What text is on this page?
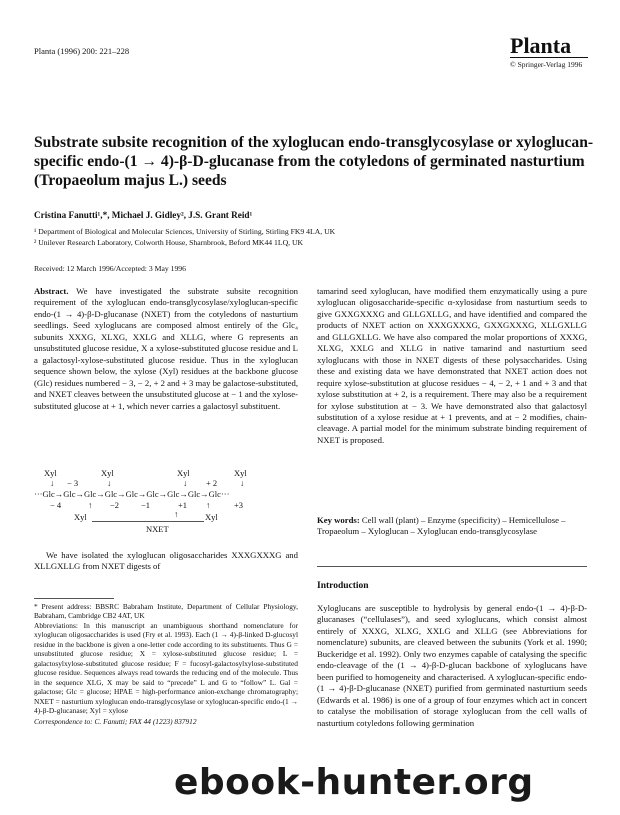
Planta (1996) 200: 221–228	Planta
© Springer-Verlag 1996
Substrate subsite recognition of the xyloglucan endo-transglycosylase or xyloglucan-specific endo-(1 → 4)-β-D-glucanase from the cotyledons of germinated nasturtium (Tropaeolum majus L.) seeds
Cristina Fanutti¹,*, Michael J. Gidley², J.S. Grant Reid¹
¹ Department of Biological and Molecular Sciences, University of Stirling, Stirling FK9 4LA, UK
² Unilever Research Laboratory, Colworth House, Sharnbrook, Beford MK44 1LQ, UK
Received: 12 March 1996/Accepted: 3 May 1996

Abstract. We have investigated the substrate subsite recognition requirement of the xyloglucan endo-transglycosylase/xyloglucan-specific endo-(1 → 4)-β-D-glucanase (NXET) from the cotyledons of nasturtium seedlings. Seed xyloglucans are composed almost entirely of the Glc₄ subunits XXXG, XLXG, XXLG and XLLG, where G represents an unsubstituted glucose residue, X a xylose-substituted glucose residue and L a galactosyl-xylose-substituted glucose residue. Thus in the xyloglucan sequence shown below, the xylose (Xyl) residues at the backbone glucose (Glc) residues numbered − 3, − 2, + 2 and + 3 may be galactose-substituted, and NXET cleaves between the unsubstituted glucose at − 1 and the xylose-substituted glucose at + 1, which never carries a galactosyl substituent.

Xyl	Xyl	Xyl	Xyl
↓ − 3	↓	↓ + 2	↓
···Glc→Glc→Glc→Glc→Glc→Glc→Glc→Glc→Glc···
− 4	↑ −2	−1	+1 ↑	+3
Xyl	↑	Xyl
NXET

We have isolated the xyloglucan oligosaccharides XXXGXXXG and XLLGXLLG from NXET digests of

tamarind seed xyloglucan, have modified them enzymatically using a pure xyloglucan oligosaccharide-specific α-xylosidase from nasturtium seeds to give GXXGXXXG and GLLGXLLG, and have identified and compared the products of NXET action on XXXGXXXG, GXXGXXXG, XLLGXLLG and GLLGXLLG. We have also compared the molar proportions of XXXG, XLXG, XXLG and XLLG in native tamarind and nasturtium seed xyloglucans with those in NXET digests of these polysaccharides. Using these and existing data we have demonstrated that NXET action does not require xylose-substitution at glucose residues − 4, − 2, + 1 and + 3 and that xylose substitution at + 2, is a requirement. There may also be a requirement for xylose substitution at − 3. We have demonstrated also that galactosyl substitution of a xylose residue at + 1 prevents, and at − 2 modifies, chain-cleavage. A partial model for the minimum substrate binding requirement of NXET is proposed.

Key words: Cell wall (plant) – Enzyme (specificity) – Hemicellulose – Tropaeolum – Xyloglucan – Xyloglucan endo-transglycosylase
Introduction

Xyloglucans are susceptible to hydrolysis by general endo-(1 → 4)-β-D-glucanases (“cellulases”), and seed xyloglucans, which consist almost entirely of XXXG, XLXG, XXLG and XLLG (see Abbreviations for nomenclature) subunits, are cleaved between the subunits (York et al. 1990; Buckeridge et al. 1992). Only two enzymes capable of catalysing the specific endo-cleavage of the (1 → 4)-β-D-glucan backbone of xyloglucans have been purified to homogeneity and characterised. A xyloglucan-specific endo-(1 → 4)-β-D-glucanase (NXET) purified from germinated nasturtium seeds (Edwards et al. 1986) is one of a group of four enzymes which act in concert to catalyse the mobilisation of storage xyloglucan from the cell walls of nasturtium cotyledons following germination

* Present address: BBSRC Babraham Institute, Department of Cellular Physiology, Babraham, Cambridge CB2 4AT, UK

Abbreviations: In this manuscript an unambiguous shorthand nomenclature for xyloglucan oligosaccharides is used (Fry et al. 1993). Each (1 → 4)-β-linked D-glucosyl residue in the backbone is given a one-letter code according to its substituents. Thus G = unsubstituted glucose residue; X = xylose-substituted glucose residue; L = galactosylxylose-substituted glucose residue; F = fucosyl-galactosylxylose-substituted glucose residue. Sequences always read towards the reducing end of the molecule. Thus in the sequence XLG, X may be said to “precede” L and G to “follow” L. Gal = galactose; Glc = glucose; HPAE = high-performance anion-exchange chromatography; NXET = nasturtium xyloglucan endo-transglycosylase or xyloglucan-specific endo-(1 → 4)-β-D-glucanase; Xyl = xylose

Correspondence to: C. Fanutti; FAX 44 (1223) 837912

ebook-hunter.org
